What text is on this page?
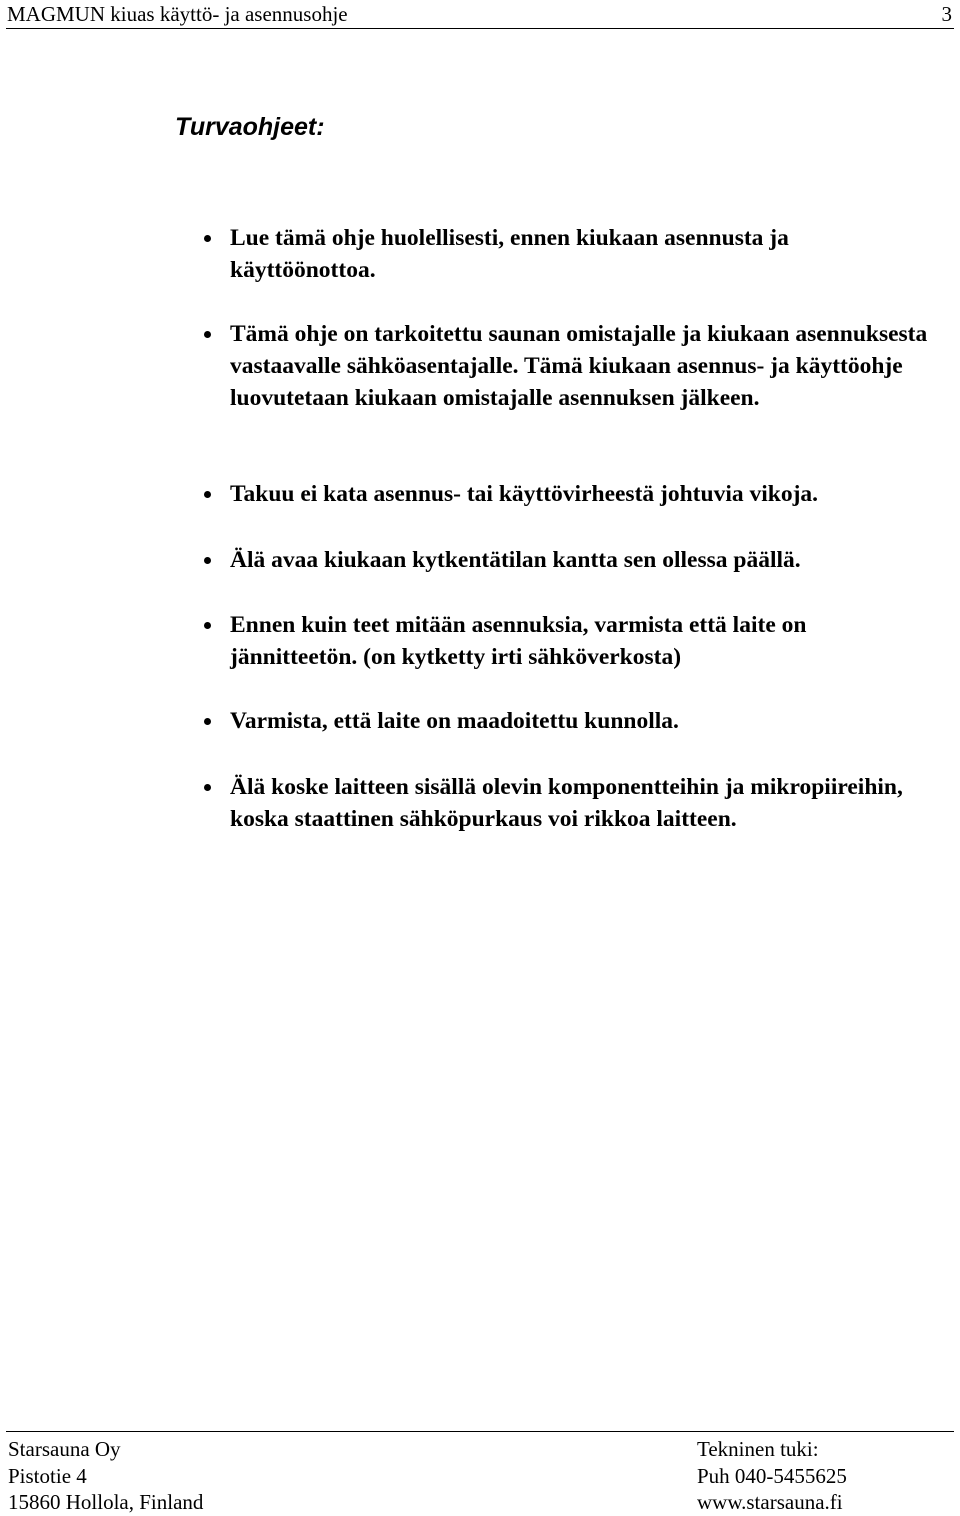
MAGMUN kiuas käyttö- ja asennusohje	3
Turvaohjeet:
Lue tämä ohje huolellisesti, ennen kiukaan asennusta ja käyttöönottoa.
Tämä ohje on tarkoitettu saunan omistajalle ja kiukaan asennuksesta vastaavalle sähköasentajalle. Tämä kiukaan asennus- ja käyttöohje luovutetaan kiukaan omistajalle asennuksen jälkeen.
Takuu ei kata asennus- tai käyttövirheestä johtuvia vikoja.
Älä avaa kiukaan kytkentätilan kantta sen ollessa päällä.
Ennen kuin teet mitään asennuksia, varmista että laite on jännitteetön. (on kytketty irti sähköverkosta)
Varmista, että laite on maadoitettu kunnolla.
Älä koske laitteen sisällä olevin komponentteihin ja mikropiireihin, koska staattinen sähköpurkaus voi rikkoa laitteen.
Starsauna Oy
Pistotie 4
15860 Hollola, Finland
Tekninen tuki:
Puh 040-5455625
www.starsauna.fi
